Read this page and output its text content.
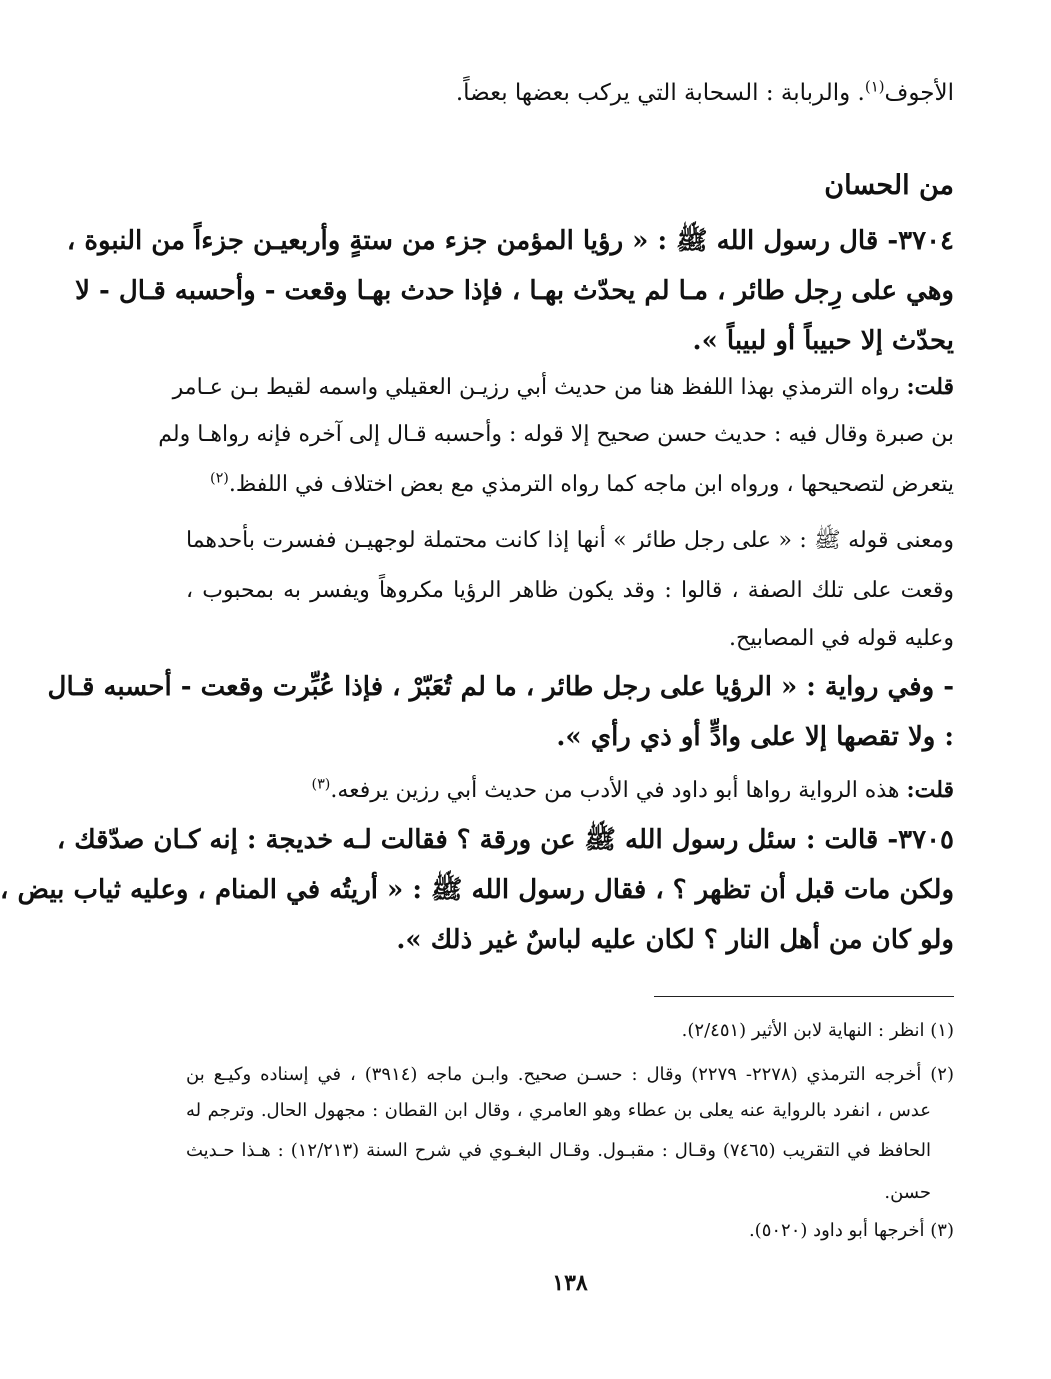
الأجوف$^{(١)}$. والربابة : السحابة التي يركب بعضها بعضاً.
من الحسان
٣٧٠٤- قال رسول الله ﷺ : « رؤيا المؤمن جزء من ستةٍ وأربعيـن جزءاً من النبوة ،
وهي على رِجل طائر ، مـا لم يحدّث بهـا ، فإذا حدث بهـا وقعت - وأحسبه قـال - لا
يحدّث إلا حبيباً أو لبيباً ».
قلت: رواه الترمذي بهذا اللفظ هنا من حديث أبي رزيـن العقيلي واسمه لقيط بـن عـامر
بن صبرة وقال فيه : حديث حسن صحيح إلا قوله : وأحسبه قـال إلى آخره فإنه رواهـا ولم
يتعرض لتصحيحها ، ورواه ابن ماجه كما رواه الترمذي مع بعض اختلاف في اللفظ.$^{(٢)}$
ومعنى قوله ﷺ : « على رجل طائر » أنها إذا كانت محتملة لوجهيـن ففسرت بأحدهما
وقعت على تلك الصفة ، قالوا : وقد يكون ظاهر الرؤيا مكروهاً ويفسر به بمحبوب ،
وعليه قوله في المصابيح.
- وفي رواية : « الرؤيا على رجل طائر ، ما لم تُعَبّرْ ، فإذا عُبِّرت وقعت - أحسبه قـال
: ولا تقصها إلا على وادٍّ أو ذي رأي ».
قلت: هذه الرواية رواها أبو داود في الأدب من حديث أبي رزين يرفعه.$^{(٣)}$
٣٧٠٥- قالت : سئل رسول الله ﷺ عن ورقة ؟ فقالت لـه خديجة : إنه كـان صدّقك ،
ولكن مات قبل أن تظهر ؟ ، فقال رسول الله ﷺ : « أريتُه في المنام ، وعليه ثياب بيض ،
ولو كان من أهل النار ؟ لكان عليه لباسٌ غير ذلك ».
(١) انظر : النهاية لابن الأثير (٢/٤٥١).
(٢) أخرجه الترمذي (٢٢٧٨- ٢٢٧٩) وقال : حسـن صحيح. وابـن ماجه (٣٩١٤) ، في إسناده وكيـع بن
عدس ، انفرد بالرواية عنه يعلى بن عطاء وهو العامري ، وقال ابن القطان : مجهول الحال. وترجم له
الحافظ في التقريب (٧٤٦٥) وقـال : مقبـول. وقـال البغـوي في شرح السنة (١٢/٢١٣) : هـذا حـديث
حسن.
(٣) أخرجها أبو داود (٥٠٢٠).
١٣٨
